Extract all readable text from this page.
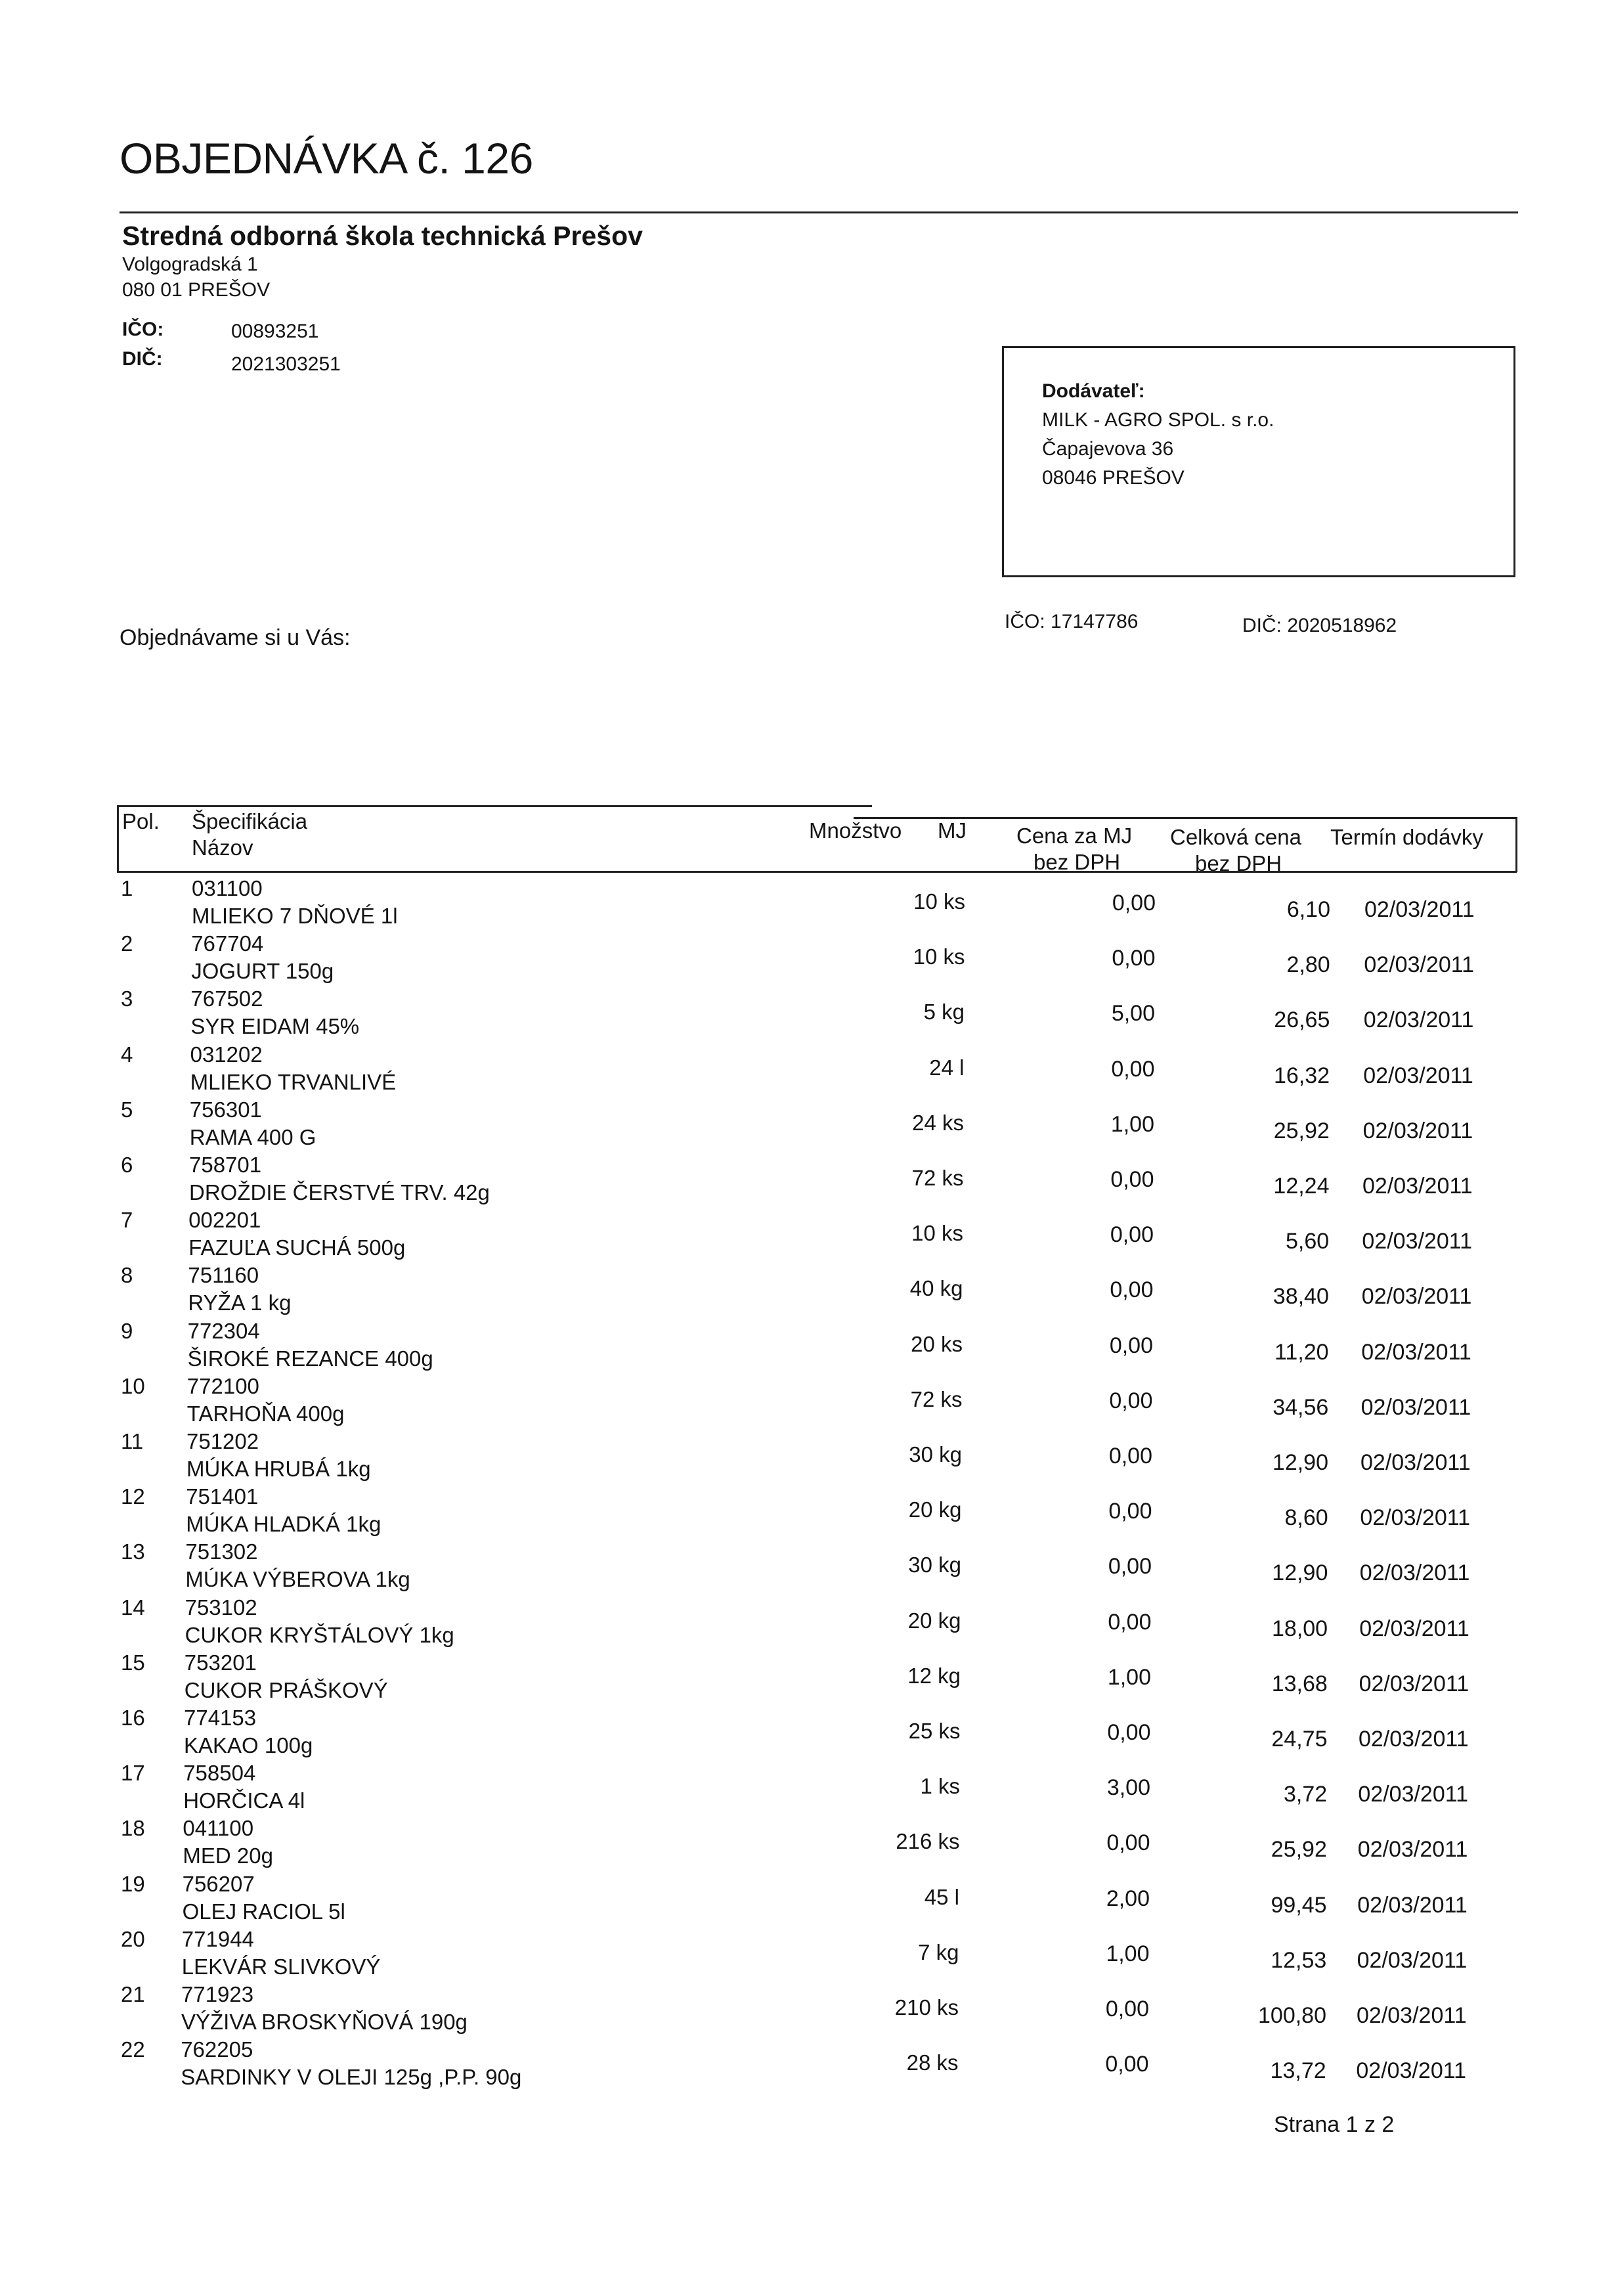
OBJEDNÁVKA č. 126
Stredná odborná škola technická Prešov
Volgogradská 1
080 01 PREŠOV
IČO:	00893251
DIČ:	2021303251
Dodávateľ:
MILK - AGRO SPOL. s r.o.
Čapajevova 36
08046 PREŠOV
Objednávame si u Vás:
IČO: 17147786	DIČ: 2020518962
Pol. Špecifikácia
Názov
Množstvo MJ Cena za MJ
bez DPH
Celková cena
bez DPH
Termín dodávky
1	031100
MLIEKO 7 DŇOVÉ 1l
10 ks	0,00	6,10 02/03/2011
2	767704
JOGURT 150g
10 ks	0,00	2,80 02/03/2011
3	767502
SYR EIDAM 45%
5 kg	5,00	26,65 02/03/2011
4	031202
MLIEKO TRVANLIVÉ
24 l	0,00	16,32 02/03/2011
5	756301
RAMA 400 G
24 ks	1,00	25,92 02/03/2011
6	758701
DROŽDIE ČERSTVÉ TRV. 42g
72 ks	0,00	12,24 02/03/2011
7	002201
FAZUĽA SUCHÁ 500g
10 ks	0,00	5,60 02/03/2011
8	751160
RYŽA 1 kg
40 kg	0,00	38,40 02/03/2011
9	772304
ŠIROKÉ REZANCE 400g
20 ks	0,00	11,20 02/03/2011
10 772100
TARHOŇA 400g
72 ks	0,00	34,56 02/03/2011
11 751202
MÚKA HRUBÁ 1kg
30 kg	0,00	12,90 02/03/2011
12 751401
MÚKA HLADKÁ 1kg
20 kg	0,00	8,60 02/03/2011
13 751302
MÚKA VÝBEROVA 1kg
30 kg	0,00	12,90 02/03/2011
14 753102
CUKOR KRYŠTÁLOVÝ 1kg
20 kg	0,00	18,00 02/03/2011
15 753201
CUKOR PRÁŠKOVÝ
12 kg	1,00	13,68 02/03/2011
16 774153
KAKAO 100g
25 ks	0,00	24,75 02/03/2011
17 758504
HORČICA 4l
1 ks	3,00	3,72 02/03/2011
18 041100
MED 20g
216 ks	0,00	25,92 02/03/2011
19 756207
OLEJ RACIOL 5l
45 l	2,00	99,45 02/03/2011
20 771944
LEKVÁR SLIVKOVÝ
7 kg	1,00	12,53 02/03/2011
21 771923
VÝŽIVA BROSKYŇOVÁ 190g
210 ks	0,00	100,80 02/03/2011
22 762205
SARDINKY V OLEJI 125g ,P.P. 90g
28 ks	0,00	13,72 02/03/2011
Strana 1 z 2
